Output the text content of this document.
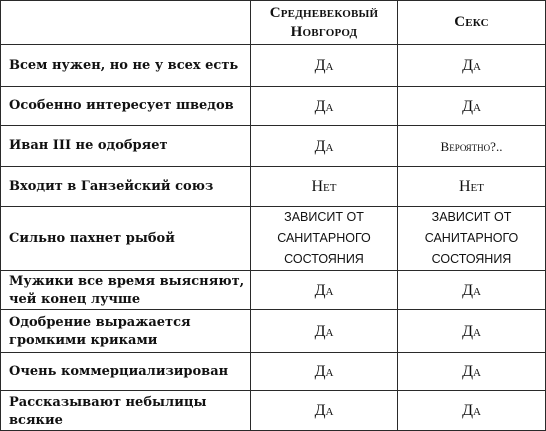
	Средневековый Новгород	Секс
Всем нужен, но не у всех есть	Да	Да
Особенно интересует шведов	Да	Да
Иван III не одобряет	Да	Вероятно?..
Входит в Ганзейский союз	Нет	Нет
Сильно пахнет рыбой	ЗАВИСИТ ОТ САНИТАРНОГО СОСТОЯНИЯ	ЗАВИСИТ ОТ САНИТАРНОГО СОСТОЯНИЯ
Мужики все время выясняют, чей конец лучше	Да	Да
Одобрение выражается громкими криками	Да	Да
Очень коммерциализирован	Да	Да
Рассказывают небылицы всякие	Да	Да
